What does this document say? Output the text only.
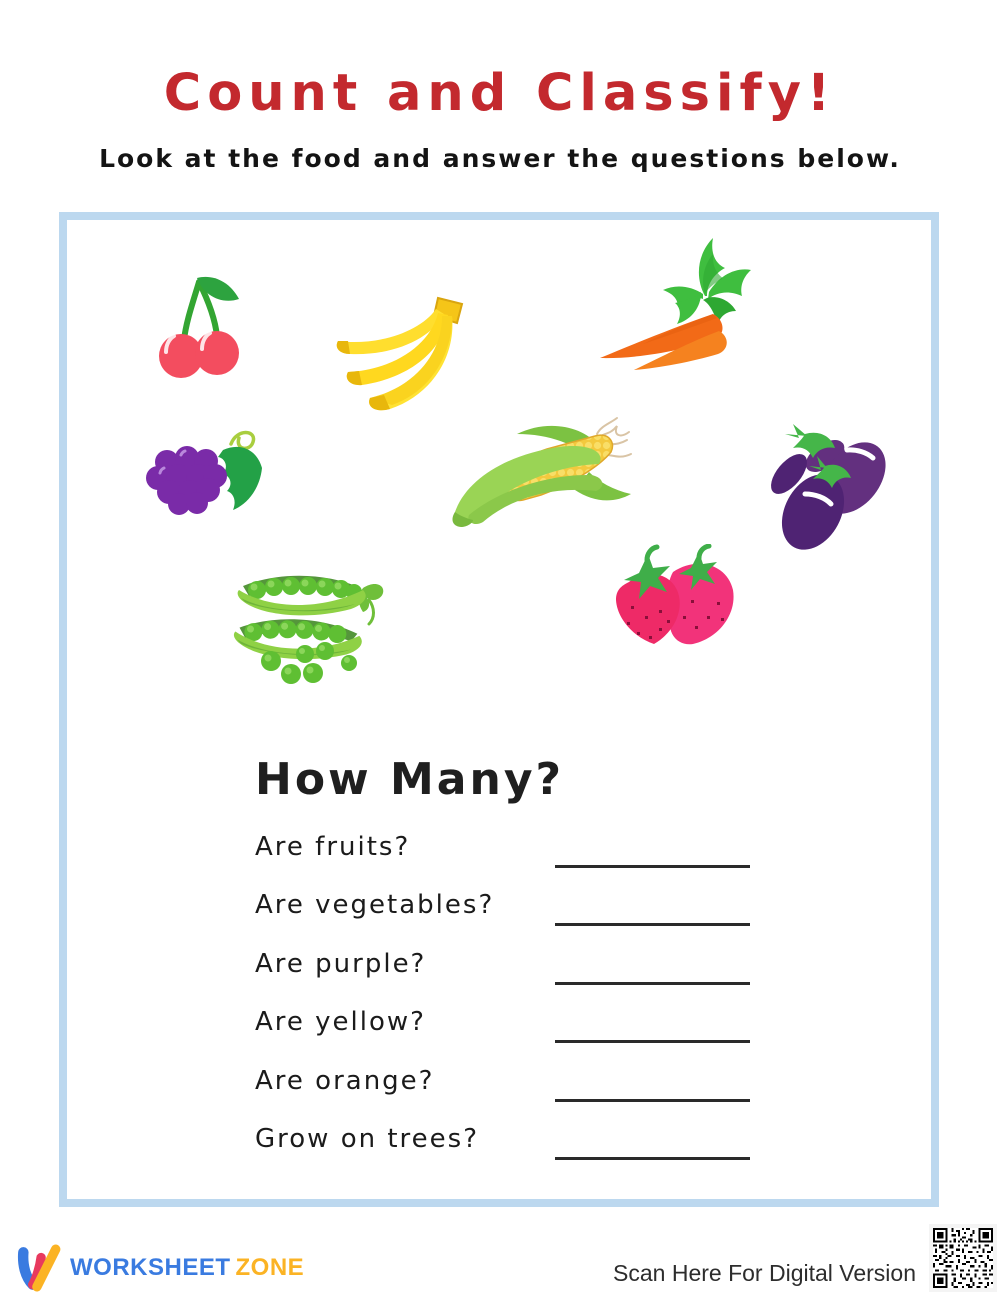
Count and Classify!

Look at the food and answer the questions below.

How Many?
Are fruits?
Are vegetables?
Are purple?
Are yellow?
Are orange?
Grow on trees?
WORKSHEET ZONE	Scan Here For Digital Version
